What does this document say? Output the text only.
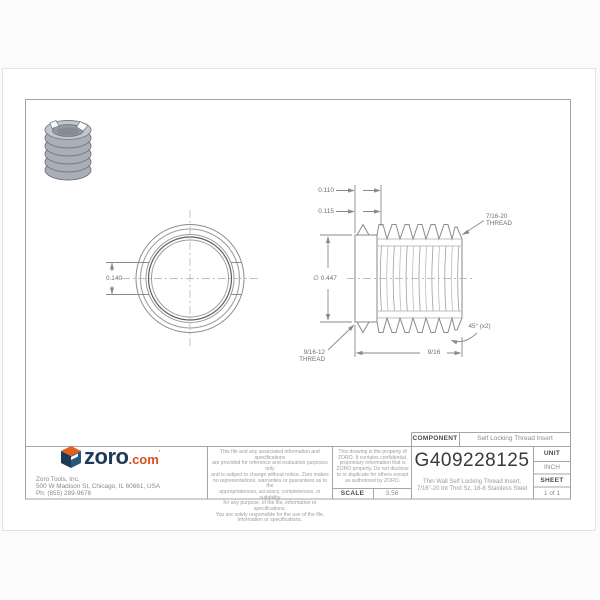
0.140
0.110
0.115
∅ 0.447
7/16-20
THREAD
9/16-12
THREAD
9/16
45° (x2)
COMPONENT	Self Locking Thread Insert
G409228125
Thin Wall Self Locking Thread Insert,
7/16"-20 Int Thrd Sz, 18-8 Stainless Steel
UNIT
INCH
SHEET
1 of 1
SCALE	3.56
zoro .com '
Zoro Tools, Inc.
500 W Madison St, Chicago, IL 60661, USA
Ph: (855) 289-9676
This file and any associated information and specifications
are provided for reference and evaluation purposes only
and is subject to change without notice. Zoro makes
no representations, warranties or guarantees as to the
appropriateness, accuracy, completeness, or suitability
for any purpose, of the file, information or specifications.
You are solely responsible for the use of the file,
information or specifications.
This drawing is the property of
ZORO. It contains confidential,
proprietary information that is
ZORO property. Do not disclose
to or duplicate for others except
as authorized by ZORO.
